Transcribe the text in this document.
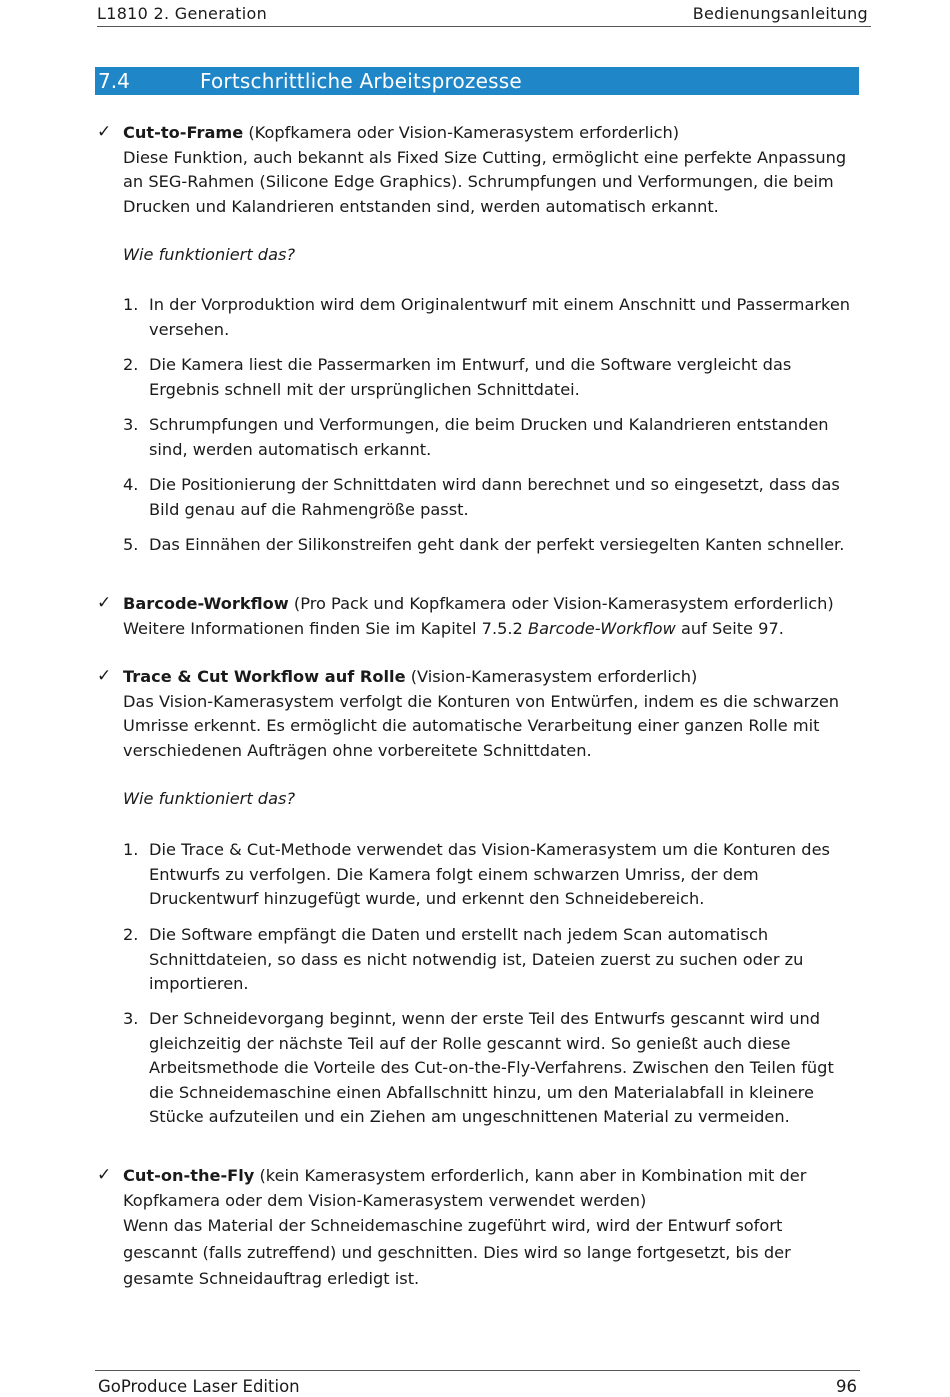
L1810 2. Generation	Bedienungsanleitung
7.4	Fortschrittliche Arbeitsprozesse
✓ Cut-to-Frame (Kopfkamera oder Vision-Kamerasystem erforderlich)
Diese Funktion, auch bekannt als Fixed Size Cutting, ermöglicht eine perfekte Anpassung
an SEG-Rahmen (Silicone Edge Graphics). Schrumpfungen und Verformungen, die beim
Drucken und Kalandrieren entstanden sind, werden automatisch erkannt.
Wie funktioniert das?
1. In der Vorproduktion wird dem Originalentwurf mit einem Anschnitt und Passermarken
versehen.
2. Die Kamera liest die Passermarken im Entwurf, und die Software vergleicht das
Ergebnis schnell mit der ursprünglichen Schnittdatei.
3. Schrumpfungen und Verformungen, die beim Drucken und Kalandrieren entstanden
sind, werden automatisch erkannt.
4. Die Positionierung der Schnittdaten wird dann berechnet und so eingesetzt, dass das
Bild genau auf die Rahmengröße passt.
5. Das Einnähen der Silikonstreifen geht dank der perfekt versiegelten Kanten schneller.
✓ Barcode-Workflow (Pro Pack und Kopfkamera oder Vision-Kamerasystem erforderlich)
Weitere Informationen finden Sie im Kapitel 7.5.2 Barcode-Workflow auf Seite 97.
✓ Trace & Cut Workflow auf Rolle (Vision-Kamerasystem erforderlich)
Das Vision-Kamerasystem verfolgt die Konturen von Entwürfen, indem es die schwarzen
Umrisse erkennt. Es ermöglicht die automatische Verarbeitung einer ganzen Rolle mit
verschiedenen Aufträgen ohne vorbereitete Schnittdaten.
Wie funktioniert das?
1. Die Trace & Cut-Methode verwendet das Vision-Kamerasystem um die Konturen des
Entwurfs zu verfolgen. Die Kamera folgt einem schwarzen Umriss, der dem
Druckentwurf hinzugefügt wurde, und erkennt den Schneidebereich.
2. Die Software empfängt die Daten und erstellt nach jedem Scan automatisch
Schnittdateien, so dass es nicht notwendig ist, Dateien zuerst zu suchen oder zu
importieren.
3. Der Schneidevorgang beginnt, wenn der erste Teil des Entwurfs gescannt wird und
gleichzeitig der nächste Teil auf der Rolle gescannt wird. So genießt auch diese
Arbeitsmethode die Vorteile des Cut-on-the-Fly-Verfahrens. Zwischen den Teilen fügt
die Schneidemaschine einen Abfallschnitt hinzu, um den Materialabfall in kleinere
Stücke aufzuteilen und ein Ziehen am ungeschnittenen Material zu vermeiden.
✓ Cut-on-the-Fly (kein Kamerasystem erforderlich, kann aber in Kombination mit der
Kopfkamera oder dem Vision-Kamerasystem verwendet werden)
Wenn das Material der Schneidemaschine zugeführt wird, wird der Entwurf sofort
gescannt (falls zutreffend) und geschnitten. Dies wird so lange fortgesetzt, bis der
gesamte Schneidauftrag erledigt ist.
GoProduce Laser Edition	96
